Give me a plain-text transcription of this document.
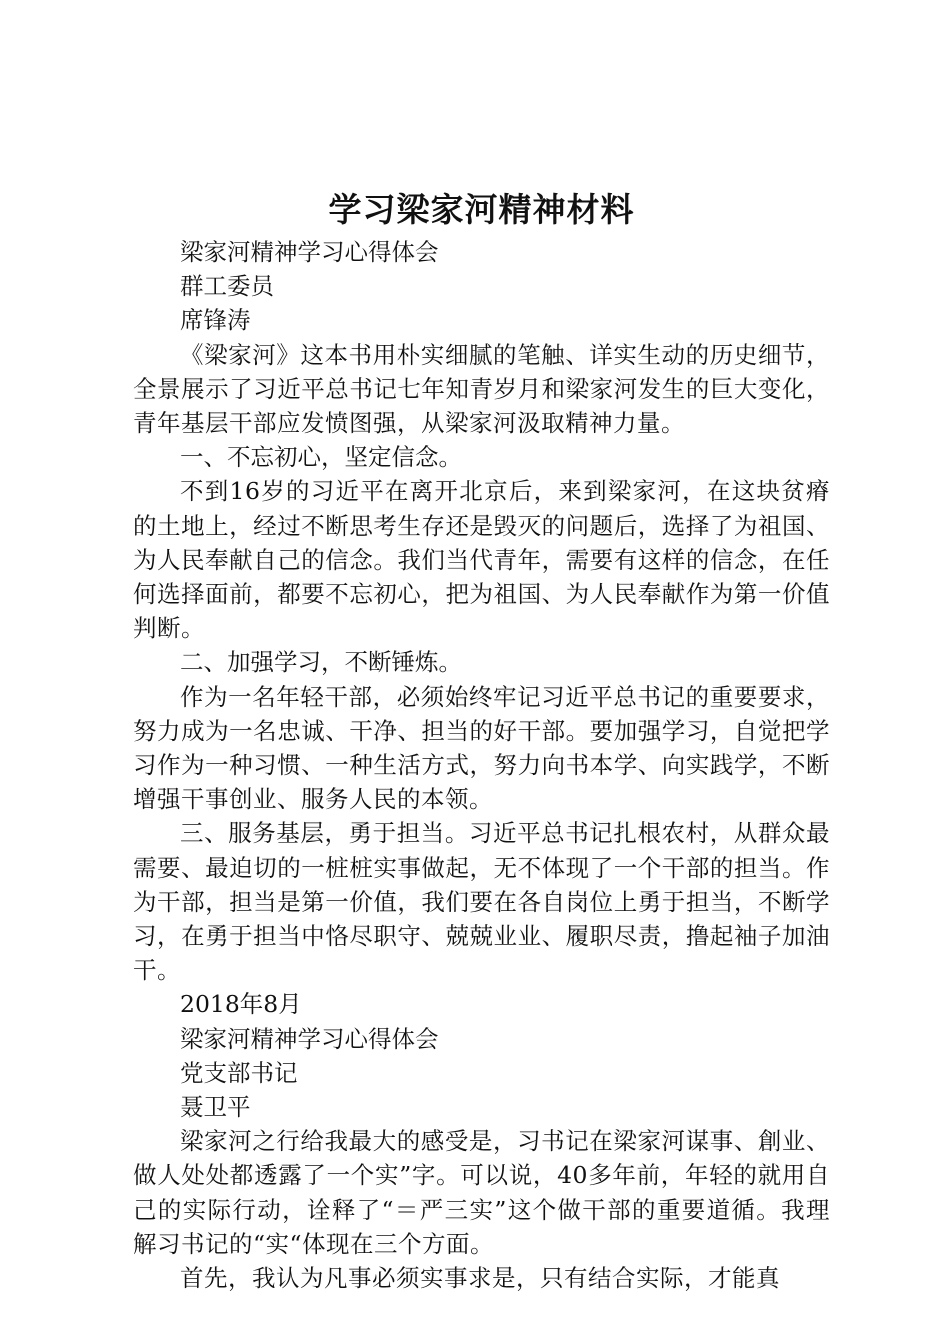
学习梁家河精神材料

梁家河精神学习心得体会

群工委员

席锋涛

《梁家河》这本书用朴实细腻的笔触、详实生动的历史细节，全景展示了习近平总书记七年知青岁月和梁家河发生的巨大变化，青年基层干部应发愤图强，从梁家河汲取精神力量。

一、不忘初心，坚定信念。

不到16岁的习近平在离开北京后，来到梁家河，在这块贫瘠的土地上，经过不断思考生存还是毁灭的问题后，选择了为祖国、为人民奉献自己的信念。我们当代青年，需要有这样的信念，在任何选择面前，都要不忘初心，把为祖国、为人民奉献作为第一价值判断。

二、加强学习，不断锤炼。

作为一名年轻干部，必须始终牢记习近平总书记的重要要求，努力成为一名忠诚、干净、担当的好干部。要加强学习，自觉把学习作为一种习惯、一种生活方式，努力向书本学、向实践学，不断增强干事创业、服务人民的本领。

三、服务基层，勇于担当。习近平总书记扎根农村，从群众最需要、最迫切的一桩桩实事做起，无不体现了一个干部的担当。作为干部，担当是第一价值，我们要在各自岗位上勇于担当，不断学习，在勇于担当中恪尽职守、兢兢业业、履职尽责，撸起袖子加油干。

2018年8月

梁家河精神学习心得体会

党支部书记

聂卫平

梁家河之行给我最大的感受是，习书记在梁家河谋事、創业、做人处处都透露了一个实”字。可以说，40多年前，年轻的就用自己的实际行动，诠释了“＝严三实”这个做干部的重要道循。我理解习书记的“实“体现在三个方面。

首先，我认为凡事必须实事求是，只有结合实际，才能真
